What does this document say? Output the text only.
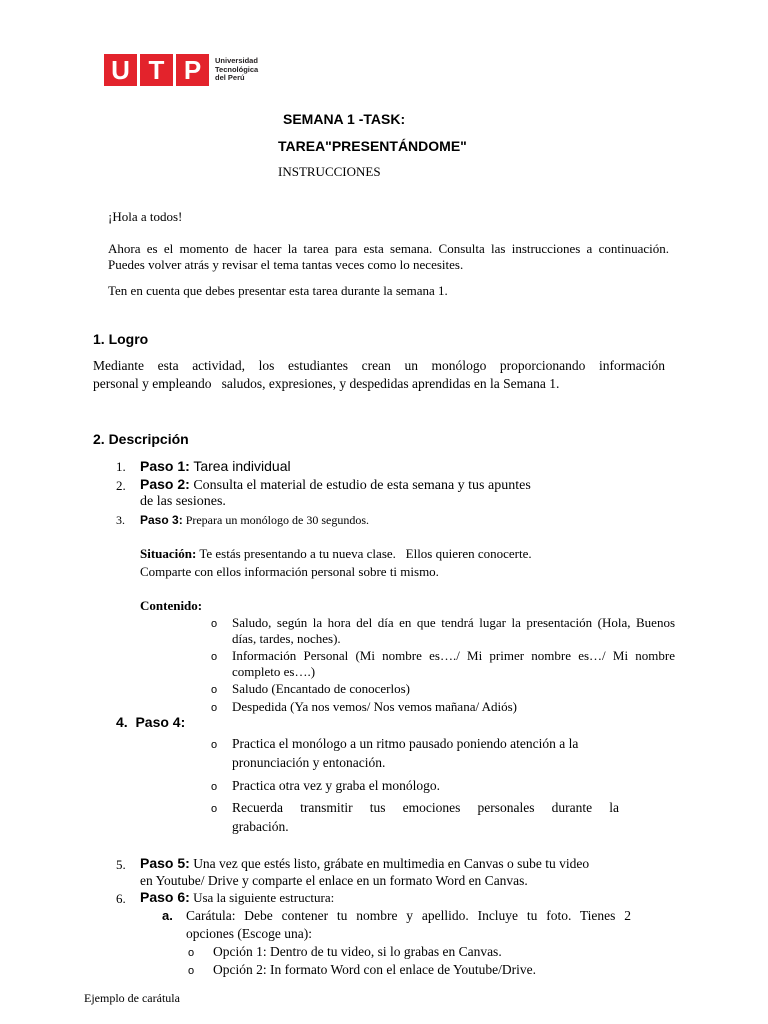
U T P Universidad
Tecnológica
del Perú
SEMANA 1 -TASK:
TAREA"PRESENTÁNDOME"
INSTRUCCIONES
¡Hola a todos!
Ahora es el momento de hacer la tarea para esta semana. Consulta las instrucciones a continuación.
Puedes volver atrás y revisar el tema tantas veces como lo necesites.
Ten en cuenta que debes presentar esta tarea durante la semana 1.
1. Logro
Mediante esta actividad, los estudiantes crean un monólogo proporcionando información
personal y empleando   saludos, expresiones, y despedidas aprendidas en la Semana 1.
2. Descripción
1. Paso 1: Tarea individual
2. Paso 2: Consulta el material de estudio de esta semana y tus apuntes
de las sesiones.
3. Paso 3: Prepara un monólogo de 30 segundos.
Situación: Te estás presentando a tu nueva clase.   Ellos quieren conocerte.
Comparte con ellos información personal sobre ti mismo.
Contenido:
o Saludo, según la hora del día en que tendrá lugar la presentación (Hola, Buenos
días, tardes, noches).
o Información Personal (Mi nombre es…./ Mi primer nombre es…/ Mi nombre
completo es….)
o Saludo (Encantado de conocerlos)
o Despedida (Ya nos vemos/ Nos vemos mañana/ Adiós)
4.  Paso 4:
o Practica el monólogo a un ritmo pausado poniendo atención a la
pronunciación y entonación.
o Practica otra vez y graba el monólogo.
o Recuerda transmitir tus emociones personales durante la
grabación.
5. Paso 5: Una vez que estés listo, grábate en multimedia en Canvas o sube tu video
en Youtube/ Drive y comparte el enlace en un formato Word en Canvas.
6. Paso 6: Usa la siguiente estructura:
a. Carátula: Debe contener tu nombre y apellido. Incluye tu foto. Tienes 2
opciones (Escoge una):
o Opción 1: Dentro de tu video, si lo grabas en Canvas.
o Opción 2: In formato Word con el enlace de Youtube/Drive.
Ejemplo de carátula
